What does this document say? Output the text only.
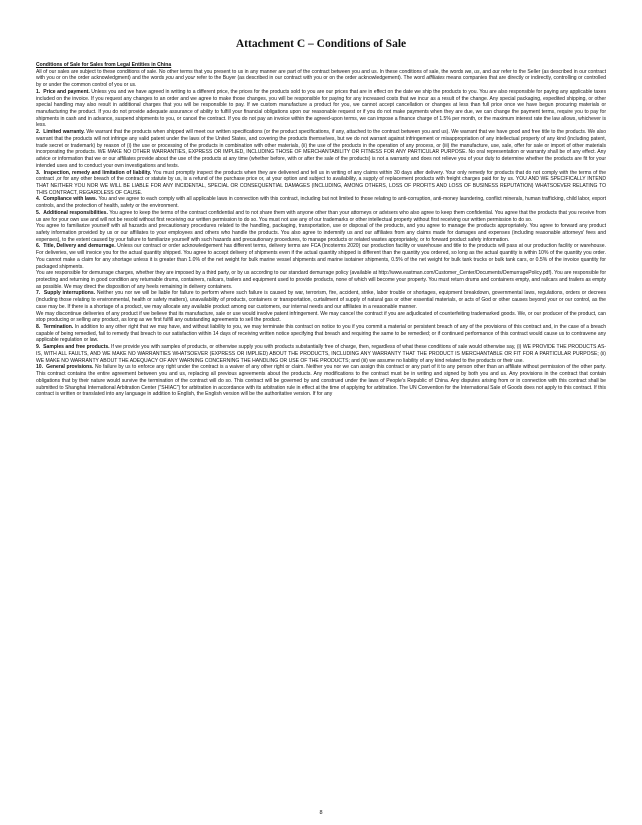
Attachment C – Conditions of Sale

Conditions of Sale for Sales from Legal Entities in China

All of our sales are subject to these conditions of sale. No other terms that you present to us in any manner are part of the contract between you and us. In these conditions of sale, the words we, us, and our refer to the Seller (as described in our contract with you or on the order acknowledgment) and the words you and your refer to the Buyer (as described in our contract with you or on the order acknowledgement). The word affiliates means companies that are directly or indirectly, controlling or controlled by or under the common control of you or us.

1. Price and payment. Unless you and we have agreed in writing to a different price, the prices for the products sold to you are our prices that are in effect on the date we ship the products to you. You are also responsible for paying any applicable taxes included on the invoice. If you request any changes to an order and we agree to make those changes, you will be responsible for paying for any increased costs that we incur as a result of the change. Any special packaging, expedited shipping, or other special handling may also result in additional charges that you will be responsible to pay. If we custom manufacture a product for you, we cannot accept cancellation or changes at less than full price once we have begun procuring materials or manufacturing the product. If you do not provide adequate assurance of ability to fulfill your financial obligations upon our reasonable request or if you do not make payments when they are due, we can change the payment terms, require you to pay for shipments in cash and in advance, suspend shipments to you, or cancel the contract. If you do not pay an invoice within the agreed-upon terms, we can impose a finance charge of 1.5% per month, or the maximum interest rate the law allows, whichever is less.

2. Limited warranty. We warrant that the products when shipped will meet our written specifications (or the product specifications, if any, attached to the contract between you and us). We warrant that we have good and free title to the products. We also warrant that the products will not infringe any valid patent under the laws of the United States, and covering the products themselves, but we do not warrant against infringement or misappropriation of any intellectual property of any kind (including patent, trade secret or trademark) by reason of (i) the use or processing of the products in combination with other materials, (ii) the use of the products in the operation of any process, or (iii) the manufacture, use, sale, offer for sale or import of other materials incorporating the products. WE MAKE NO OTHER WARRANTIES, EXPRESS OR IMPLIED, INCLUDING THOSE OF MERCHANTABILITY OR FITNESS FOR ANY PARTICULAR PURPOSE. No oral representation or warranty shall be of any effect. Any advice or information that we or our affiliates provide about the use of the products at any time (whether before, with or after the sale of the products) is not a warranty and does not relieve you of your duty to determine whether the products are fit for your intended uses and to conduct your own investigations and tests.

3. Inspection, remedy and limitation of liability. You must promptly inspect the products when they are delivered and tell us in writing of any claims within 30 days after delivery. Your only remedy for products that do not comply with the terms of the contract ,or for any other breach of the contract or statute by us, is a refund of the purchase price or, at your option and subject to availability, a supply of replacement products with freight charges paid for by us. YOU AND WE SPECIFICALLY INTEND THAT NEITHER YOU NOR WE WILL BE LIABLE FOR ANY INCIDENTAL, SPECIAL OR CONSEQUENTIAL DAMAGES (INCLUDING, AMONG OTHERS, LOSS OF PROFITS AND LOSS OF BUSINESS REPUTATION) WHATSOEVER RELATING TO THIS CONTRACT, REGARDLESS OF CAUSE.

4. Compliance with laws. You and we agree to each comply with all applicable laws in connection with this contract, including but not limited to those relating to anti-corruption, anti-money laundering, conflict minerals, human trafficking, child labor, export controls, and the protection of health, safety or the environment.

5. Additional responsibilities. You agree to keep the terms of the contract confidential and to not share them with anyone other than your attorneys or advisers who also agree to keep them confidential. You agree that the products that you receive from us are for your own use and will not be resold without first receiving our written permission to do so. You must not use any of our trademarks or other intellectual property without first receiving our written permission to do so.

You agree to familiarize yourself with all hazards and precautionary procedures related to the handling, packaging, transportation, use or disposal of the products, and you agree to manage the products appropriately. You agree to forward any product safety information provided by us or our affiliates to your employees and others who handle the products. You also agree to indemnify us and our affiliates from any claims made for damages and expenses (including reasonable attorneys' fees and expenses), to the extent caused by your failure to familiarize yourself with such hazards and precautionary procedures, to manage products or related wastes appropriately, or to forward product safety information.

6. Title, Delivery and demurrage. Unless our contract or order acknowledgement has different terms, delivery terms are FCA (Incoterms 2020) our production facility or warehouse and title to the products will pass at our production facility or warehouse. For deliveries, we will invoice you for the actual quantity shipped. You agree to accept delivery of shipments even if the actual quantity shipped is different than the quantity you ordered, so long as the actual quantity is within 10% of the quantity you order. You cannot make a claim for any shortage unless it is greater than 1.0% of the net weight for bulk marine vessel shipments and marine isotainer shipments, 0.5% of the net weight for bulk tank trucks or bulk tank cars, or 0.5% of the invoice quantity for packaged shipments.

You are responsible for demurrage charges, whether they are imposed by a third party, or by us according to our standard demurrage policy (available at http://www.eastman.com/Customer_Center/Documents/DemurragePolicy.pdf). You are responsible for protecting and returning in good condition any returnable drums, containers, railcars, trailers and equipment used to provide products, none of which will become your property. You must return drums and containers empty, and railcars and trailers as empty as possible. We may direct the disposition of any heels remaining in delivery containers.

7. Supply interruptions. Neither you nor we will be liable for failure to perform where such failure is caused by war, terrorism, fire, accident, strike, labor trouble or shortages, equipment breakdown, governmental laws, regulations, orders or decrees (including those relating to environmental, health or safety matters), unavailability of products, containers or transportation, curtailment of supply of natural gas or other essential materials, or acts of God or other causes beyond your or our control, as the case may be. If there is a shortage of a product, we may allocate any available product among our customers, our internal needs and our affiliates in a reasonable manner.

We may discontinue deliveries of any product if we believe that its manufacture, sale or use would involve patent infringement. We may cancel the contract if you are adjudicated of counterfeiting trademarked goods. We, or our producer of the product, can stop producing or selling any product, as long as we first fulfill any outstanding agreements to sell the product.

8. Termination. In addition to any other right that we may have, and without liability to you, we may terminate this contract on notice to you if you commit a material or persistent breach of any of the provisions of this contract and, in the case of a breach capable of being remedied, fail to remedy that breach to our satisfaction within 14 days of receiving written notice specifying that breach and requiring the same to be remedied; or if continued performance of this contract would cause us to contravene any applicable regulation or law.

9. Samples and free products. If we provide you with samples of products, or otherwise supply you with products substantially free of charge, then, regardless of what these conditions of sale would otherwise say, (i) WE PROVIDE THE PRODUCTS AS-IS, WITH ALL FAULTS, AND WE MAKE NO WARRANTIES WHATSOEVER (EXPRESS OR IMPLIED) ABOUT THE PRODUCTS, INCLUDING ANY WARRANTY THAT THE PRODUCT IS MERCHANTABLE OR FIT FOR A PARTICULAR PURPOSE; (ii) WE MAKE NO WARRANTY ABOUT THE ADEQUACY OF ANY WARNING CONCERNING THE HANDLING OR USE OF THE PRODUCTS; and (iii) we assume no liability of any kind related to the products or their use.

10. General provisions. No failure by us to enforce any right under the contract is a waiver of any other right or claim. Neither you nor we can assign this contract or any part of it to any person other than an affiliate without permission of the other party. This contract contains the entire agreement between you and us, replacing all previous agreements about the products. Any modifications to the contract must be in writing and signed by both you and us. Any provisions in the contract that contain obligations that by their nature would survive the termination of the contract will do so. This contract will be governed by and construed under the laws of People's Republic of China. Any disputes arising from or in connection with this contract shall be submitted to Shanghai International Arbitration Center ("SHIAC") for arbitration in accordance with its arbitration rule in effect at the time of applying for arbitration. The UN Convention for the International Sale of Goods does not apply to this contract. If this contract is written or translated into any language in addition to English, the English version will be the authoritative version. If for any

8
